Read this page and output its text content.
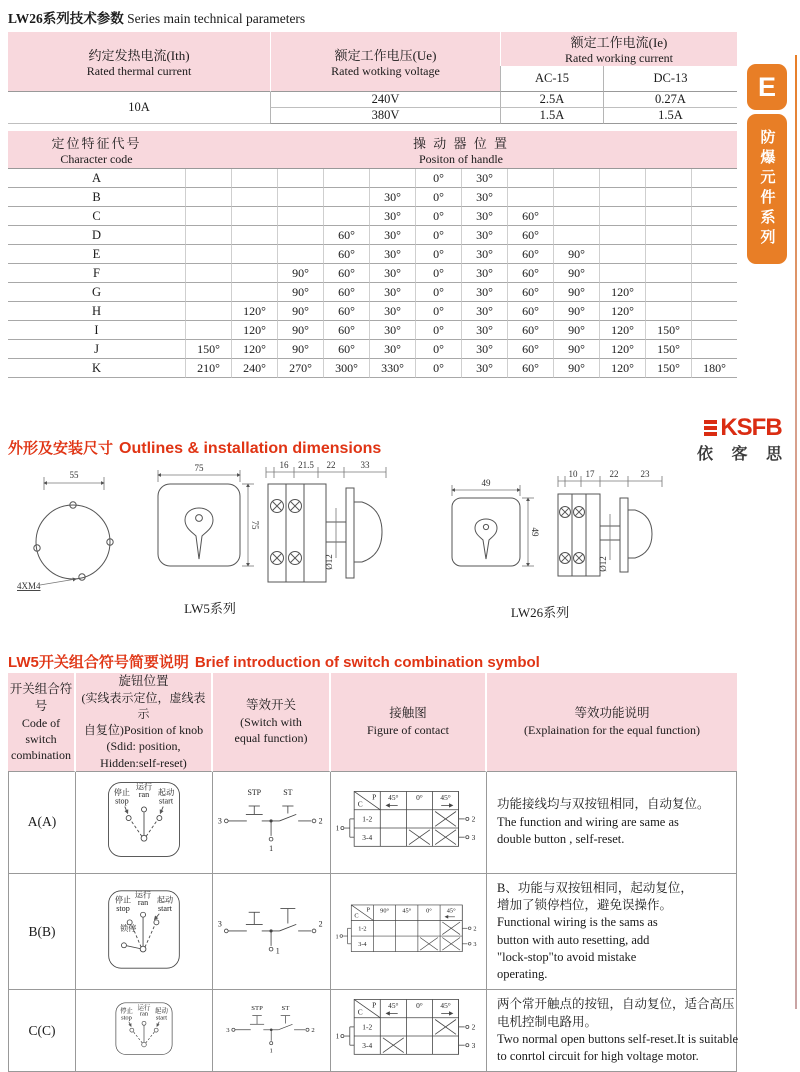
LW26系列技术参数 Series main technical parameters
约定发热电流(Ith)
Rated thermal current

额定工作电压(Ue)
Rated wotking voltage

额定工作电流(Ie)
Rated working current

		AC-15	DC-13
10A	240V	2.5A	0.27A
	380V	1.5A	1.5A
定位特征代号
Character code

操 动 器 位 置
Positon of handle

A						0°	30°					
B					30°	0°	30°					
C					30°	0°	30°	60°				
D				60°	30°	0°	30°	60°				
E				60°	30°	0°	30°	60°	90°			
F			90°	60°	30°	0°	30°	60°	90°			
G			90°	60°	30°	0°	30°	60°	90°	120°		
H		120°	90°	60°	30°	0°	30°	60°	90°	120°		
I		120°	90°	60°	30°	0°	30°	60°	90°	120°	150°	
J	150°	120°	90°	60°	30°	0°	30°	60°	90°	120°	150°	
K	210°	240°	270°	300°	330°	0°	30°	60°	90°	120°	150°	180°
E
防爆元件系列
外形及安装尺寸 Outlines & installation dimensions
KSFB
依 客 思
55
4XM4
75
75
16 21.5 22	33
Ø12
LW5系列
49
49
10 17 22 23
Ø12
LW26系列
LW5开关组合符号简要说明 Brief introduction of switch combination symbol
开关组合符号
Code of switch
combination

旋钮位置
(实线表示定位，虚线表示
自复位)Position of knob
(Sdid: position,
Hidden:self-reset)

等效开关
(Switch with
equal function)

接触图
Figure of contact

等效功能说明
(Explaination for the equal function)

A(A)	
停止
stop
运行
ran 起动
start

STP	ST
3
1
2

P
C
45° 0° 45°
1-2	2
3-4	3
1

功能接线均与双按钮相同，自动复位。
The function and wiring are same as
double button , self-reset.

B(B)	
停止
stop
运行
ran 起动
start
锁停

3
1
2

P
C
90° 45° 0° 45°
1-2	2
3-4	3
1

B、功能与双按钮相同，起动复位，
增加了锁停档位，避免误操作。
Functional wiring is the sams as
button with auto resetting, add
"lock-stop"to avoid mistake
operating.

C(C)	
停止
stop
运行
ran 起动
start

STP ST
3
1
2

P
C
45° 0° 45°
1-2	2
3-4	3
1

两个常开触点的按钮，自动复位，适合高压
电机控制电路用。
Two normal open buttons self-reset.It is suitable
to conrtol circuit for high voltage motor.
